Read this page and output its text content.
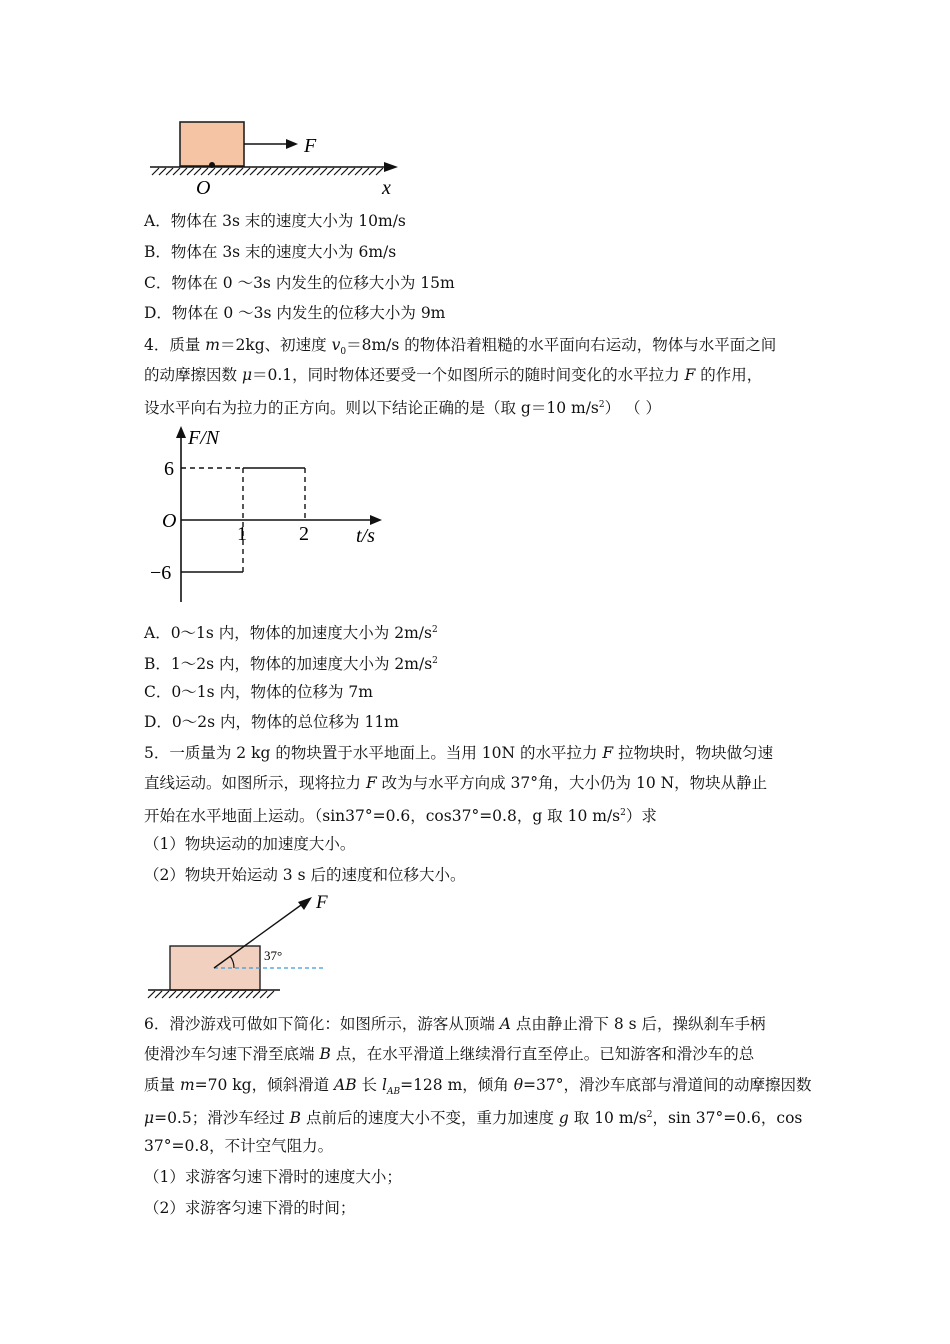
F
O	x
A．物体在 3s 末的速度大小为 10m/s
B．物体在 3s 末的速度大小为 6m/s
C．物体在 0 ～3s 内发生的位移大小为 15m
D．物体在 0 ～3s 内发生的位移大小为 9m
4．质量 m＝2kg、初速度 $v_0=8m/s$ 的物体沿着粗糙的水平面向右运动，物体与水平面之间
的动摩擦因数 μ＝0.1，同时物体还要受一个如图所示的随时间变化的水平拉力 F 的作用，
设水平向右为拉力的正方向。则以下结论正确的是（取 g＝10 $m/s^2$） （ ）
F/N
t/s
O
1	2
6
−6
A．0～1s 内，物体的加速度大小为 $2m/s^2$
B．1～2s 内，物体的加速度大小为 $2m/s^2$
C．0～1s 内，物体的位移为 7m
D．0～2s 内，物体的总位移为 11m
5．一质量为 2 kg 的物块置于水平地面上。当用 10N 的水平拉力 F 拉物块时，物块做匀速
直线运动。如图所示，现将拉力 F 改为与水平方向成 37°角，大小仍为 10 N，物块从静止
开始在水平地面上运动。（sin37°=0.6，cos37°=0.8，g 取 10 $m/s^2$）求
（1）物块运动的加速度大小。
（2）物块开始运动 3 s 后的速度和位移大小。
37°
F
6．滑沙游戏可做如下简化：如图所示，游客从顶端 A 点由静止滑下 8 s 后，操纵刹车手柄
使滑沙车匀速下滑至底端 B 点，在水平滑道上继续滑行直至停止。已知游客和滑沙车的总
质量 m=70 kg，倾斜滑道 AB 长 $l_{AB}=128$ m，倾角 θ=37°，滑沙车底部与滑道间的动摩擦因数
μ=0.5；滑沙车经过 B 点前后的速度大小不变，重力加速度 g 取 10 $m/s^2$，sin 37°=0.6，cos
37°=0.8，不计空气阻力。
（1）求游客匀速下滑时的速度大小；
（2）求游客匀速下滑的时间；
